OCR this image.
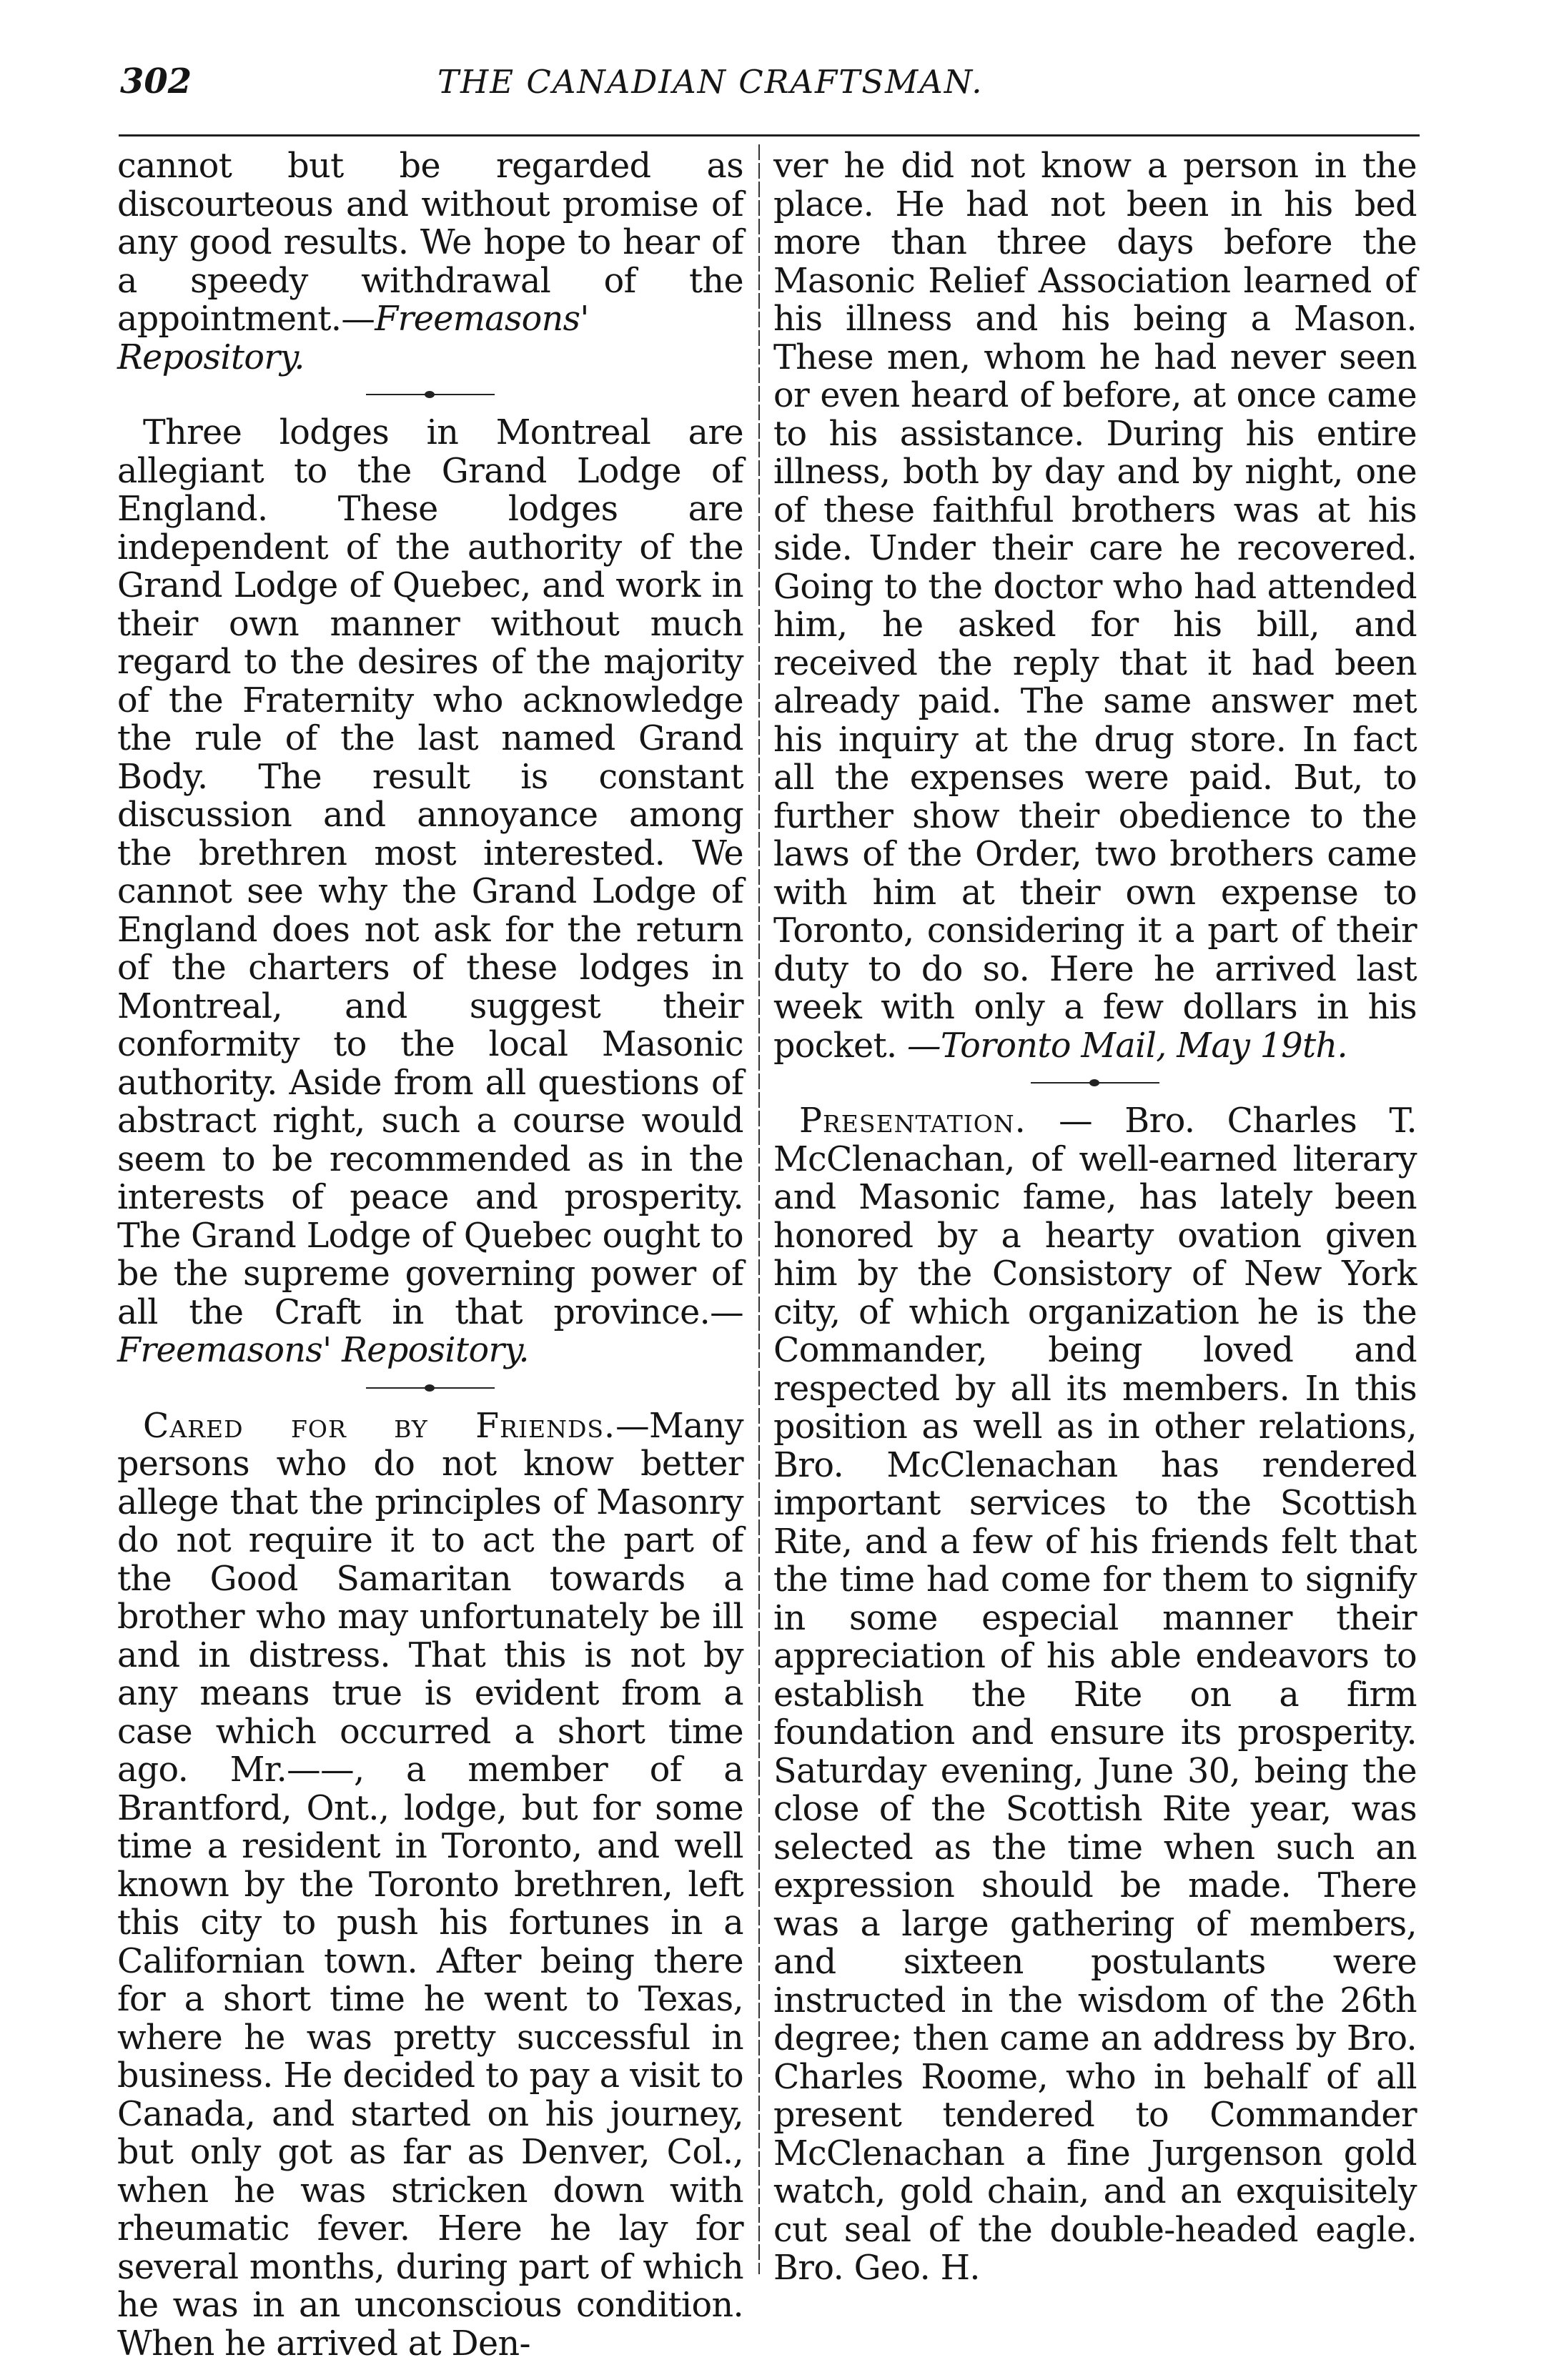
302	THE CANADIAN CRAFTSMAN.

cannot but be regarded as discourteous and without promise of any good results. We hope to hear of a speedy withdrawal of the appointment.—Freemasons' Repository.

Three lodges in Montreal are allegiant to the Grand Lodge of England. These lodges are independent of the authority of the Grand Lodge of Quebec, and work in their own manner without much regard to the desires of the majority of the Fraternity who acknowledge the rule of the last named Grand Body. The result is constant discussion and annoyance among the brethren most interested. We cannot see why the Grand Lodge of England does not ask for the return of the charters of these lodges in Montreal, and suggest their conformity to the local Masonic authority. Aside from all questions of abstract right, such a course would seem to be recommended as in the interests of peace and prosperity. The Grand Lodge of Quebec ought to be the supreme governing power of all the Craft in that province.—Freemasons' Repository.

Cared for by Friends.—Many persons who do not know better allege that the principles of Masonry do not require it to act the part of the Good Samaritan towards a brother who may unfortunately be ill and in distress. That this is not by any means true is evident from a case which occurred a short time ago. Mr.——, a member of a Brantford, Ont., lodge, but for some time a resident in Toronto, and well known by the Toronto brethren, left this city to push his fortunes in a Californian town. After being there for a short time he went to Texas, where he was pretty successful in business. He decided to pay a visit to Canada, and started on his journey, but only got as far as Denver, Col., when he was stricken down with rheumatic fever. Here he lay for several months, during part of which he was in an unconscious condition. When he arrived at Den-

ver he did not know a person in the place. He had not been in his bed more than three days before the Masonic Relief Association learned of his illness and his being a Mason. These men, whom he had never seen or even heard of before, at once came to his assistance. During his entire illness, both by day and by night, one of these faithful brothers was at his side. Under their care he recovered. Going to the doctor who had attended him, he asked for his bill, and received the reply that it had been already paid. The same answer met his inquiry at the drug store. In fact all the expenses were paid. But, to further show their obedience to the laws of the Order, two brothers came with him at their own expense to Toronto, considering it a part of their duty to do so. Here he arrived last week with only a few dollars in his pocket. —Toronto Mail, May 19th.

Presentation. — Bro. Charles T. McClenachan, of well-earned literary and Masonic fame, has lately been honored by a hearty ovation given him by the Consistory of New York city, of which organization he is the Commander, being loved and respected by all its members. In this position as well as in other relations, Bro. McClenachan has rendered important services to the Scottish Rite, and a few of his friends felt that the time had come for them to signify in some especial manner their appreciation of his able endeavors to establish the Rite on a firm foundation and ensure its prosperity. Saturday evening, June 30, being the close of the Scottish Rite year, was selected as the time when such an expression should be made. There was a large gathering of members, and sixteen postulants were instructed in the wisdom of the 26th degree; then came an address by Bro. Charles Roome, who in behalf of all present tendered to Commander McClenachan a fine Jurgenson gold watch, gold chain, and an exquisitely cut seal of the double-headed eagle. Bro. Geo. H.
